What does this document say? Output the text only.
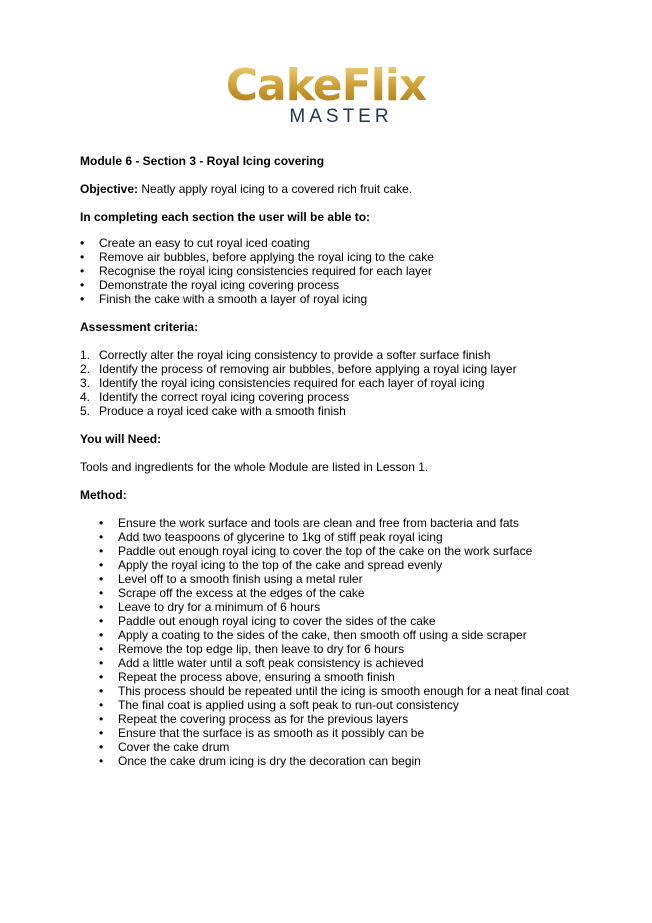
CakeFlix
MASTER

Module 6 - Section 3 - Royal Icing covering

Objective: Neatly apply royal icing to a covered rich fruit cake.

In completing each section the user will be able to:

• Create an easy to cut royal iced coating
• Remove air bubbles, before applying the royal icing to the cake
• Recognise the royal icing consistencies required for each layer
• Demonstrate the royal icing covering process
• Finish the cake with a smooth a layer of royal icing

Assessment criteria:

1. Correctly alter the royal icing consistency to provide a softer surface finish
2. Identify the process of removing air bubbles, before applying a royal icing layer
3. Identify the royal icing consistencies required for each layer of royal icing
4. Identify the correct royal icing covering process
5. Produce a royal iced cake with a smooth finish

You will Need:

Tools and ingredients for the whole Module are listed in Lesson 1.

Method:

• Ensure the work surface and tools are clean and free from bacteria and fats
• Add two teaspoons of glycerine to 1kg of stiff peak royal icing
• Paddle out enough royal icing to cover the top of the cake on the work surface
• Apply the royal icing to the top of the cake and spread evenly
• Level off to a smooth finish using a metal ruler
• Scrape off the excess at the edges of the cake
• Leave to dry for a minimum of 6 hours
• Paddle out enough royal icing to cover the sides of the cake
• Apply a coating to the sides of the cake, then smooth off using a side scraper
• Remove the top edge lip, then leave to dry for 6 hours
• Add a little water until a soft peak consistency is achieved
• Repeat the process above, ensuring a smooth finish
• This process should be repeated until the icing is smooth enough for a neat final coat
• The final coat is applied using a soft peak to run-out consistency
• Repeat the covering process as for the previous layers
• Ensure that the surface is as smooth as it possibly can be
• Cover the cake drum
• Once the cake drum icing is dry the decoration can begin
